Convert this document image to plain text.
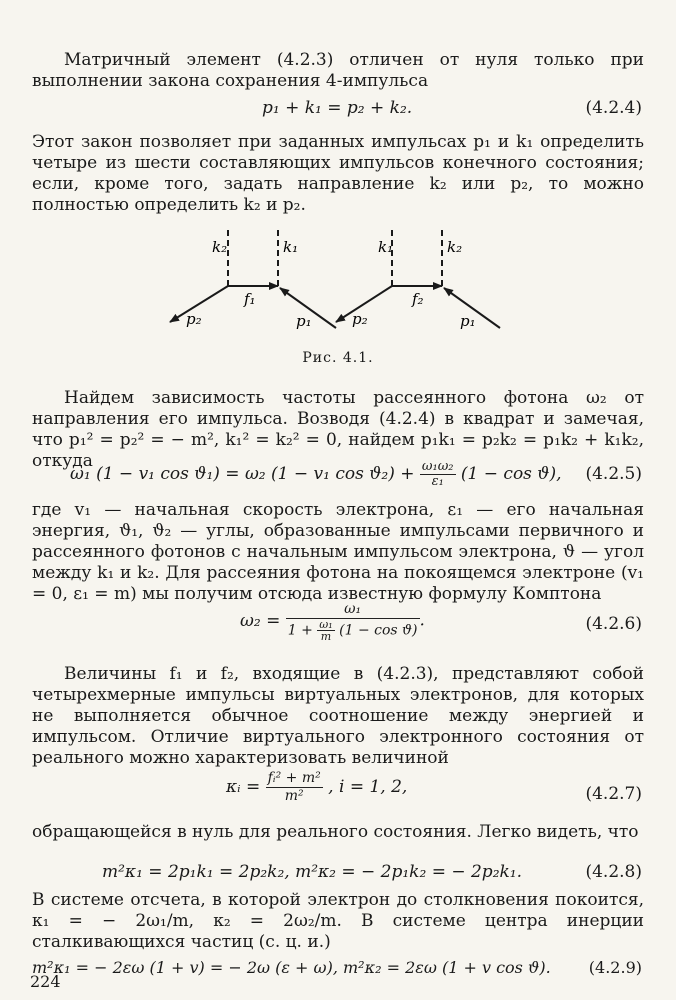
Матричный элемент (4.2.3) отличен от нуля только при выполнении закона сохранения 4-импульса
p₁ + k₁ = p₂ + k₂.	(4.2.4)
Этот закон позволяет при заданных импульсах p₁ и k₁ определить четыре из шести составляющих импульсов конечного состояния; если, кроме того, задать направление k₂ или p₂, то можно полностью определить k₂ и p₂.
k₂	k₁
f₁
p₂	p₁
k₁	k₂
f₂
p₂	p₁
Рис. 4.1.
Найдем зависимость частоты рассеянного фотона ω₂ от направления его импульса. Возводя (4.2.4) в квадрат и замечая, что p₁² = p₂² = − m², k₁² = k₂² = 0, найдем p₁k₁ = p₂k₂ = p₁k₂ + k₁k₂, откуда
ω₁ (1 − v₁ cos ϑ₁) = ω₂ (1 − v₁ $\cos ϑ_2) + \frac{\text{ω₁ω₂}}{\text{ε₁}} (1 - \cos ϑ)$, (4.2.5)
где v₁ — начальная скорость электрона, ε₁ — его начальная энергия, ϑ₁, ϑ₂ — углы, образованные импульсами первичного и рассеянного фотонов с начальным импульсом электрона, ϑ — угол между k₁ и k₂. Для рассеяния фотона на покоящемся электроне (v₁ = 0, ε₁ = m) мы получим отсюда известную формулу Комптона
$\omega_2 = \frac{\text{ω₁}}{1 + \frac{\text{ω₁}}{m} (1 - \cos ϑ)}$ .	(4.2.6)
Величины f₁ и f₂, входящие в (4.2.3), представляют собой четырехмерные импульсы виртуальных электронов, для которых не выполняется обычное соотношение между энергией и импульсом. Отличие виртуального электронного состояния от реального можно характеризовать величиной
κᵢ = $\frac{\text{fᵢ² + m²}}{\text{m²}}$ , i = 1, 2,	(4.2.7)
обращающейся в нуль для реального состояния. Легко видеть, что
m²κ₁ = 2p₁k₁ = 2p₂k₂, m²κ₂ = − 2p₁k₂ = − 2p₂k₁.	(4.2.8)
В системе отсчета, в которой электрон до столкновения покоится, κ₁ = − 2ω₁/m, κ₂ = 2ω₂/m. В системе центра инерции сталкивающихся частиц (с. ц. и.)
m²κ₁ = − 2εω (1 + v) = − 2ω (ε + ω), m²κ₂ = 2εω (1 + v cos ϑ). (4.2.9)
224
